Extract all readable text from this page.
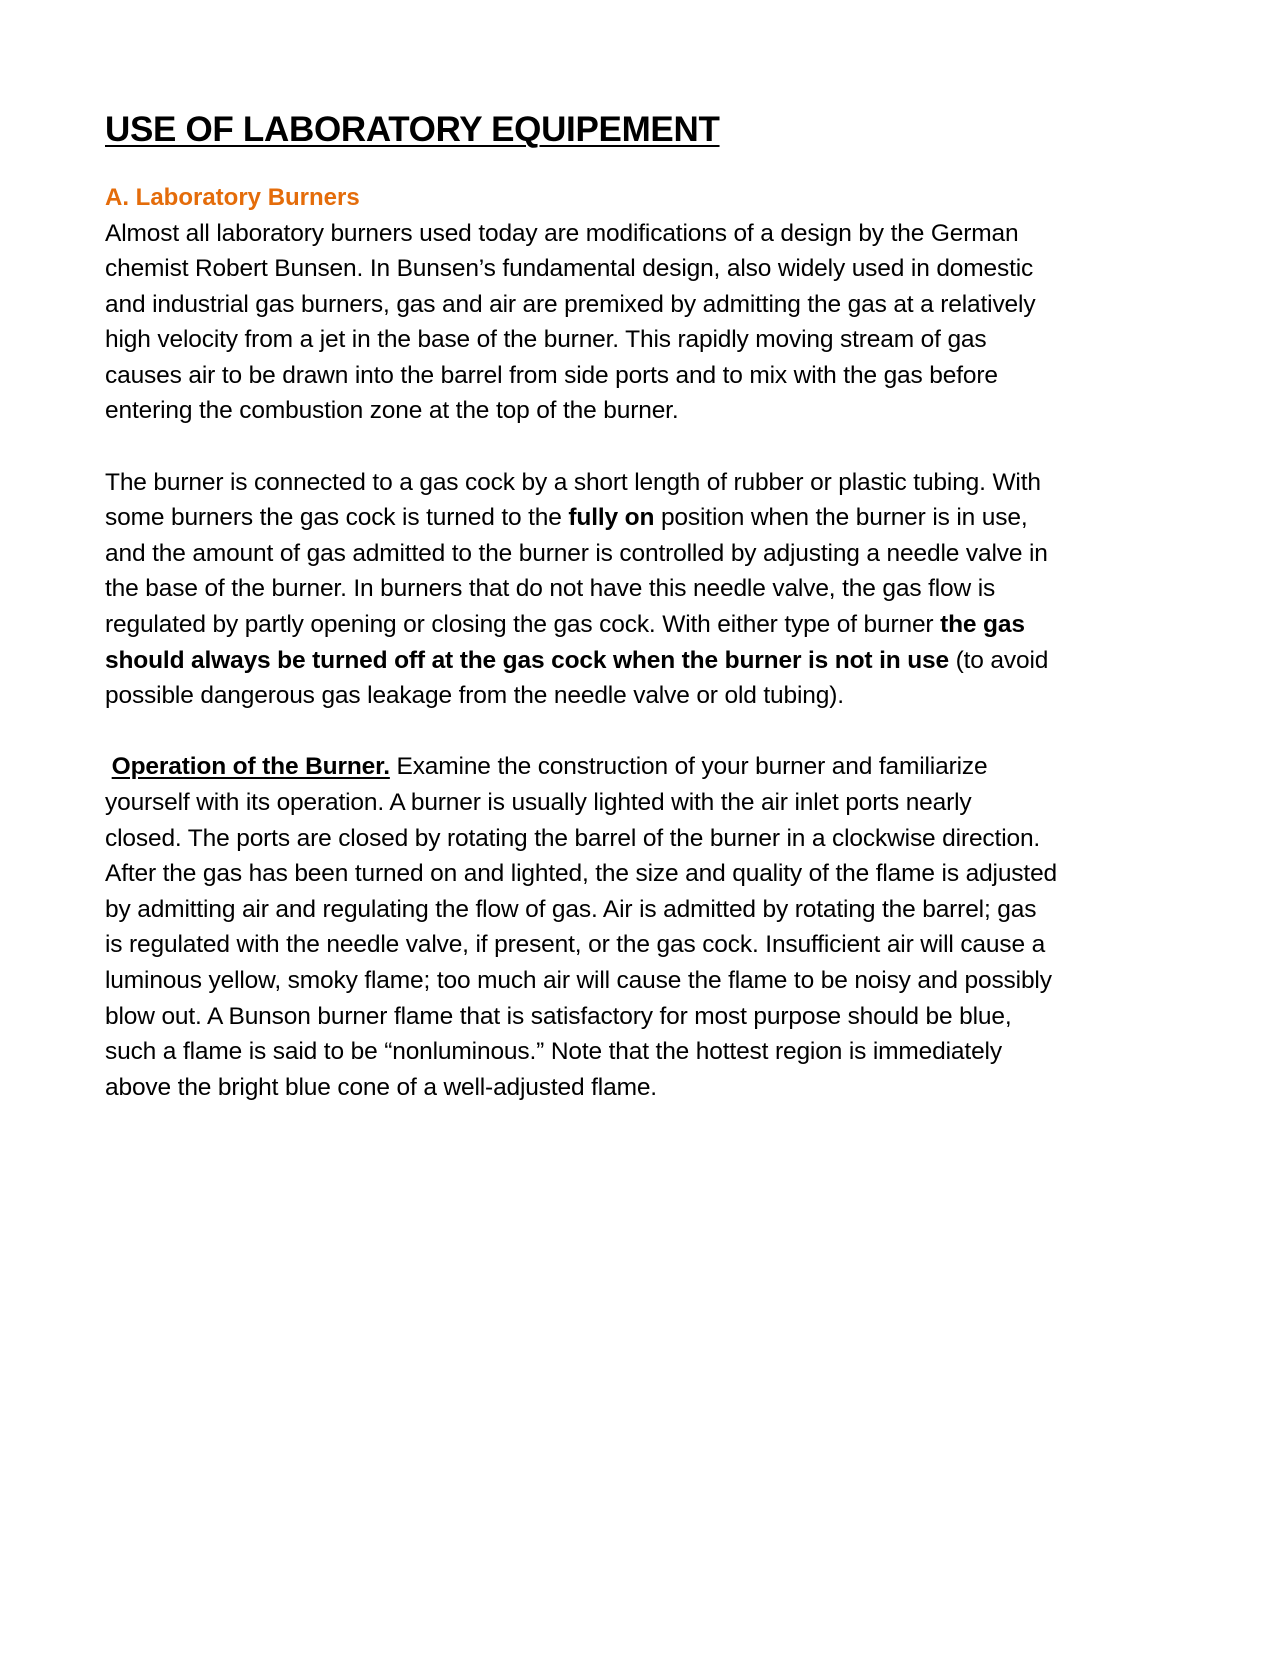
USE OF LABORATORY EQUIPEMENT
A. Laboratory Burners

Almost all laboratory burners used today are modifications of a design by the German

chemist Robert Bunsen. In Bunsen’s fundamental design, also widely used in domestic

and industrial gas burners, gas and air are premixed by admitting the gas at a relatively

high velocity from a jet in the base of the burner. This rapidly moving stream of gas

causes air to be drawn into the barrel from side ports and to mix with the gas before

entering the combustion zone at the top of the burner.

The burner is connected to a gas cock by a short length of rubber or plastic tubing. With

some burners the gas cock is turned to the fully on position when the burner is in use,

and the amount of gas admitted to the burner is controlled by adjusting a needle valve in

the base of the burner. In burners that do not have this needle valve, the gas flow is

regulated by partly opening or closing the gas cock. With either type of burner the gas

should always be turned off at the gas cock when the burner is not in use (to avoid

possible dangerous gas leakage from the needle valve or old tubing).

Operation of the Burner. Examine the construction of your burner and familiarize

yourself with its operation. A burner is usually lighted with the air inlet ports nearly

closed. The ports are closed by rotating the barrel of the burner in a clockwise direction.

After the gas has been turned on and lighted, the size and quality of the flame is adjusted

by admitting air and regulating the flow of gas. Air is admitted by rotating the barrel; gas

is regulated with the needle valve, if present, or the gas cock. Insufficient air will cause a

luminous yellow, smoky flame; too much air will cause the flame to be noisy and possibly

blow out. A Bunson burner flame that is satisfactory for most purpose should be blue,

such a flame is said to be “nonluminous.” Note that the hottest region is immediately

above the bright blue cone of a well-adjusted flame.
